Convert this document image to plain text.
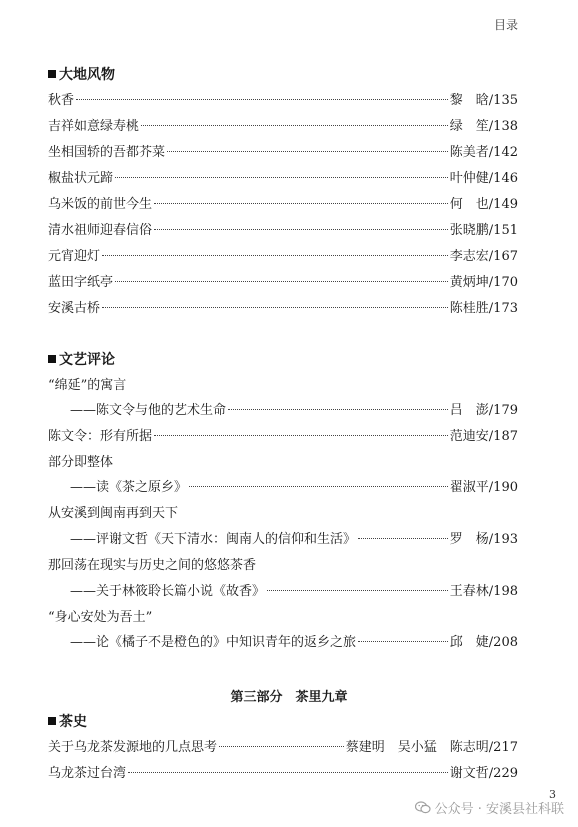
目录
大地风物
秋香	黎　晗 /135
吉祥如意绿寿桃	绿　笙 /138
坐相国轿的吾都芥菜	陈美者 /142
椒盐状元蹄	叶仲健 /146
乌米饭的前世今生	何　也 /149
清水祖师迎春信俗	张晓鹏 /151
元宵迎灯	李志宏 /167
蓝田字纸亭	黄炳坤 /170
安溪古桥	陈桂胜 /173
文艺评论
“绵延”的寓言
——陈文令与他的艺术生命	吕　澎 /179
陈文令：形有所据	范迪安 /187
部分即整体
——读《茶之原乡》	翟淑平 /190
从安溪到闽南再到天下
——评谢文哲《天下清水：闽南人的信仰和生活》	罗　杨 /193
那回荡在现实与历史之间的悠悠茶香
——关于林筱聆长篇小说《故香》	王春林 /198
“身心安处为吾土”
——论《橘子不是橙色的》中知识青年的返乡之旅	邱　婕 /208
第三部分　茶里九章
茶史
关于乌龙茶发源地的几点思考	蔡建明　吴小猛　陈志明 /217
乌龙茶过台湾	谢文哲 /229
3
公众号 · 安溪县社科联
